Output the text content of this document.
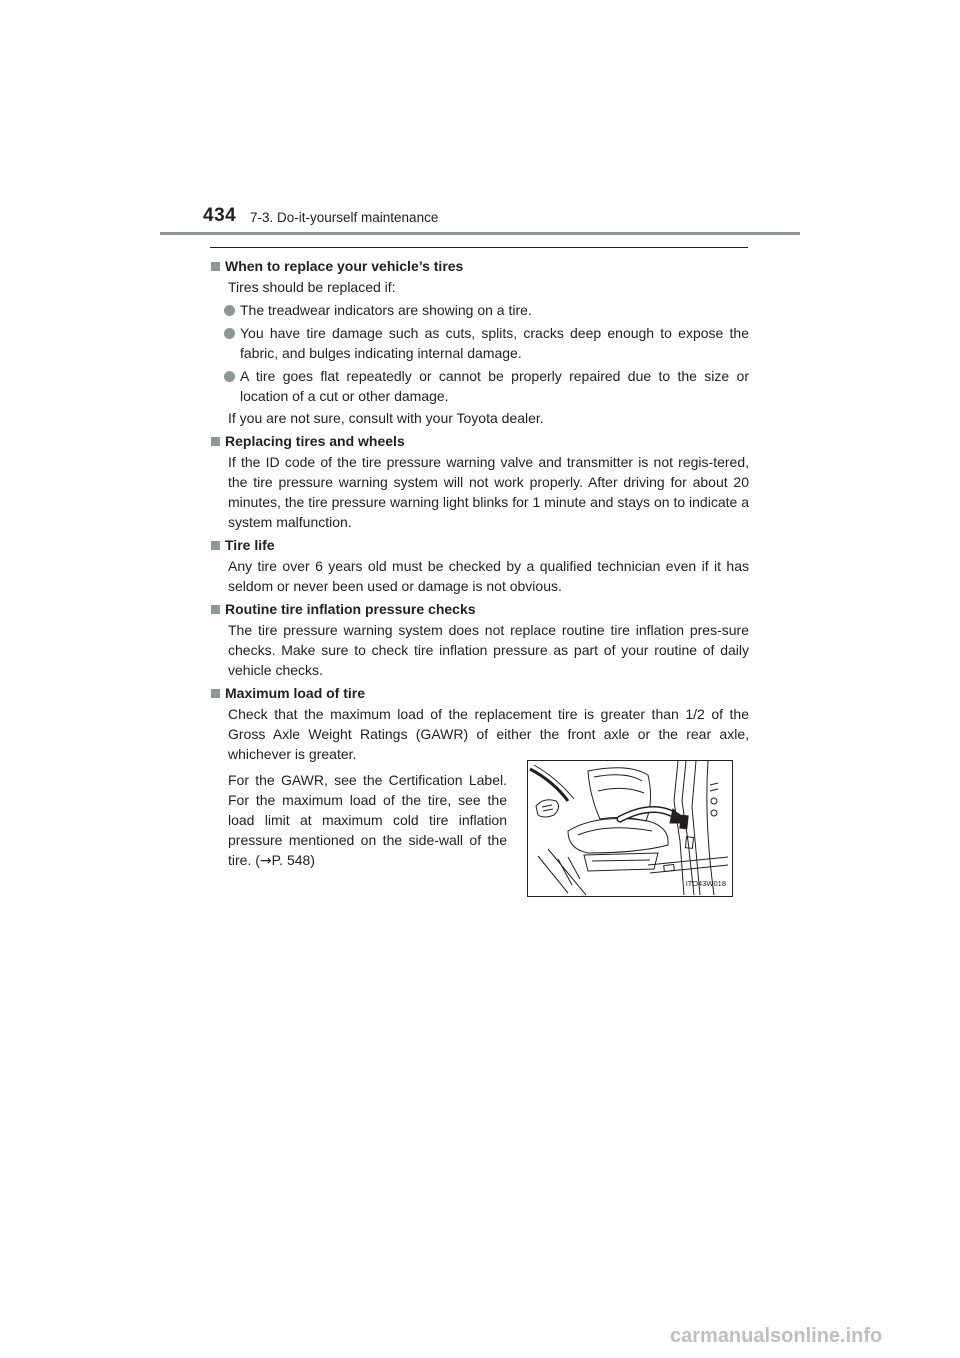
434 7-3. Do-it-yourself maintenance
When to replace your vehicle’s tires
Tires should be replaced if:
The treadwear indicators are showing on a tire.
You have tire damage such as cuts, splits, cracks deep enough to expose the fabric, and bulges indicating internal damage.
A tire goes flat repeatedly or cannot be properly repaired due to the size or location of a cut or other damage.
If you are not sure, consult with your Toyota dealer.
Replacing tires and wheels
If the ID code of the tire pressure warning valve and transmitter is not regis-tered, the tire pressure warning system will not work properly. After driving for about 20 minutes, the tire pressure warning light blinks for 1 minute and stays on to indicate a system malfunction.
Tire life
Any tire over 6 years old must be checked by a qualified technician even if it has seldom or never been used or damage is not obvious.
Routine tire inflation pressure checks
The tire pressure warning system does not replace routine tire inflation pres-sure checks. Make sure to check tire inflation pressure as part of your routine of daily vehicle checks.
Maximum load of tire
Check that the maximum load of the replacement tire is greater than 1/2 of the Gross Axle Weight Ratings (GAWR) of either the front axle or the rear axle, whichever is greater.
For the GAWR, see the Certification Label. For the maximum load of the tire, see the load limit at maximum cold tire inflation pressure mentioned on the side-wall of the tire. (→P. 548)
ITO43W018
carmanualsonline.info
